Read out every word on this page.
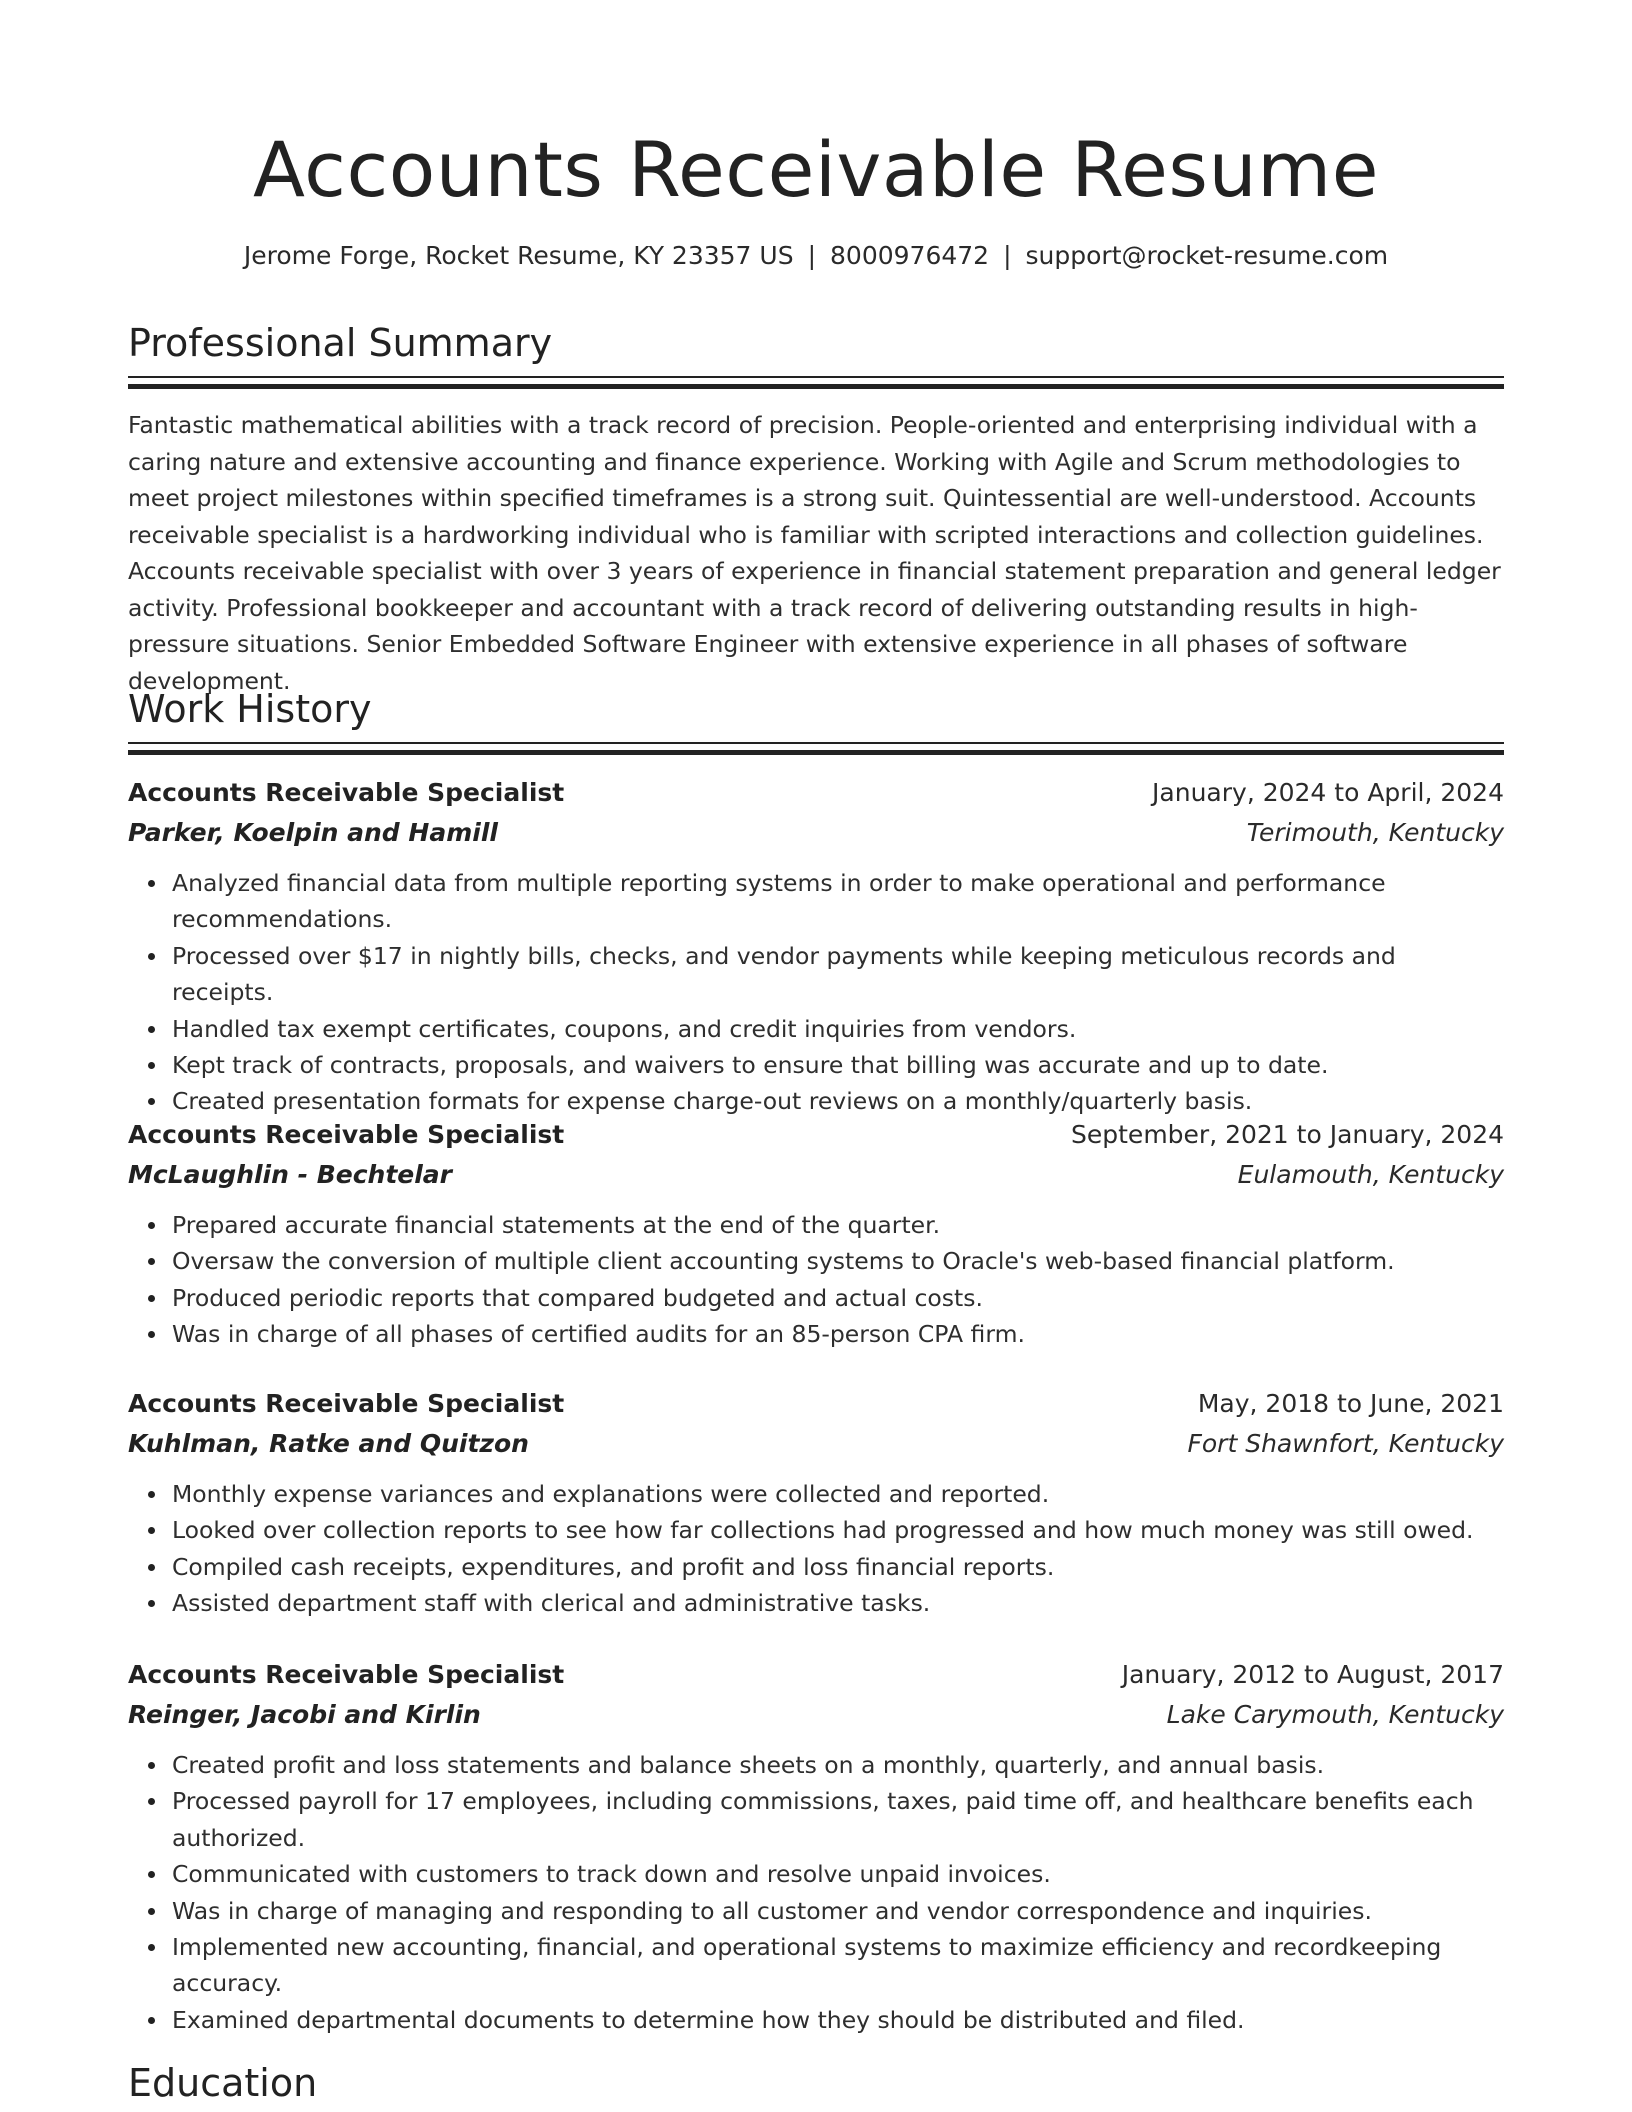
Accounts Receivable Resume
Jerome Forge, Rocket Resume, KY 23357 US | 8000976472 | support@rocket-resume.com
Professional Summary

Fantastic mathematical abilities with a track record of precision. People-oriented and enterprising individual with a caring nature and extensive accounting and finance experience. Working with Agile and Scrum methodologies to meet project milestones within specified timeframes is a strong suit. Quintessential are well-understood. Accounts receivable specialist is a hardworking individual who is familiar with scripted interactions and collection guidelines. Accounts receivable specialist with over 3 years of experience in financial statement preparation and general ledger activity. Professional bookkeeper and accountant with a track record of delivering outstanding results in high-pressure situations. Senior Embedded Software Engineer with extensive experience in all phases of software development.

Work History
Accounts Receivable Specialist	January, 2024 to April, 2024
Parker, Koelpin and Hamill	Terimouth, Kentucky
Analyzed financial data from multiple reporting systems in order to make operational and performance recommendations.
Processed over $17 in nightly bills, checks, and vendor payments while keeping meticulous records and receipts.
Handled tax exempt certificates, coupons, and credit inquiries from vendors.
Kept track of contracts, proposals, and waivers to ensure that billing was accurate and up to date.
Created presentation formats for expense charge-out reviews on a monthly/quarterly basis.
Accounts Receivable Specialist	September, 2021 to January, 2024
McLaughlin - Bechtelar	Eulamouth, Kentucky
Prepared accurate financial statements at the end of the quarter.
Oversaw the conversion of multiple client accounting systems to Oracle's web-based financial platform.
Produced periodic reports that compared budgeted and actual costs.
Was in charge of all phases of certified audits for an 85-person CPA firm.
Accounts Receivable Specialist	May, 2018 to June, 2021
Kuhlman, Ratke and Quitzon	Fort Shawnfort, Kentucky
Monthly expense variances and explanations were collected and reported.
Looked over collection reports to see how far collections had progressed and how much money was still owed.
Compiled cash receipts, expenditures, and profit and loss financial reports.
Assisted department staff with clerical and administrative tasks.
Accounts Receivable Specialist	January, 2012 to August, 2017
Reinger, Jacobi and Kirlin	Lake Carymouth, Kentucky
Created profit and loss statements and balance sheets on a monthly, quarterly, and annual basis.
Processed payroll for 17 employees, including commissions, taxes, paid time off, and healthcare benefits each authorized.
Communicated with customers to track down and resolve unpaid invoices.
Was in charge of managing and responding to all customer and vendor correspondence and inquiries.
Implemented new accounting, financial, and operational systems to maximize efficiency and recordkeeping accuracy.
Examined departmental documents to determine how they should be distributed and filed.
Education
